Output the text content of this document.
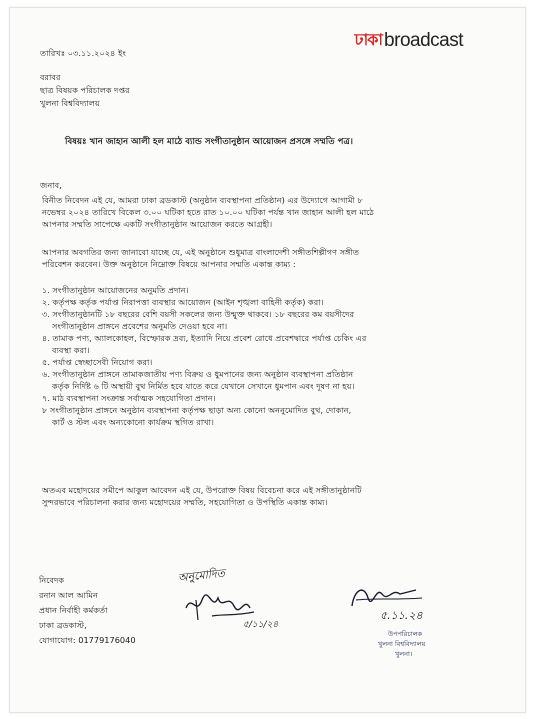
ঢাকা broadcast
তারিখঃ ০৩.১১.২০২৪ ইং
বরাবর
ছাত্র বিষয়ক পরিচালক দপ্তর
খুলনা বিশ্ববিদ্যালয়
বিষয়ঃ খান জাহান আলী হল মাঠে ব্যান্ড সংগীতানুষ্ঠান আয়োজন প্রসঙ্গে সম্মতি পত্র।
জনাব,
বিনীত নিবেদন এই যে, আমরা ঢাকা ব্রডকাস্ট (অনুষ্ঠান ব্যবস্থাপনা প্রতিষ্ঠান) এর উদ্যোগে আগামী ৮
নভেম্বর ২০২৪ তারিখে বিকেল ৩.০০ ঘটিকা হতে রাত ১০.০০ ঘটিকা পর্যন্ত খান জাহান আলী হল মাঠে
আপনার সম্মতি সাপেক্ষে একটি সংগীতানুষ্ঠান আয়োজন করতে আগ্রহী।
আপনার অবগতির জন্য জানাবো যাচ্ছে যে, এই অনুষ্ঠানে শুধুমাত্র বাংলাদেশী সঙ্গীতশিল্পীগণ সঙ্গীত
পরিবেশন করবেন। উক্ত অনুষ্ঠানে নিম্নোক্ত বিষয়ে আপনার সম্মতি একান্ত কাম্য :
১. সংগীতানুষ্ঠান আয়োজনের অনুমতি প্রদান।
২. কর্তৃপক্ষ কর্তৃক পর্যাপ্ত নিরাপত্তা ব্যবস্থার আয়োজন (আইন শৃঙ্খলা বাহিনী কর্তৃক) করা।
৩. সংগীতানুষ্ঠানটি ১৮ বছরের বেশি বয়সী সকলের জন্য উন্মুক্ত থাকবে। ১৮ বছরের কম বয়সীদের
সংগীতানুষ্ঠান প্রাঙ্গনে প্রবেশের অনুমতি দেওয়া হবে না।
৪. তামাক পণ্য, অ্যালকোহল, বিস্ফোরক দ্রব্য, ইত্যাদি নিয়ে প্রবেশ রোধে প্রবেশদ্বারে পর্যাপ্ত চেকিং এর
ব্যবস্থা করা।
৫. পর্যাপ্ত স্বেচ্ছাসেবী নিয়োগ করা।
৬. সংগীতানুষ্ঠান প্রাঙ্গনে তামাকজাতীয় পণ্য বিক্রয় ও ধুমপানের জন্য অনুষ্ঠান ব্যবস্থাপনা প্রতিষ্ঠান
কর্তৃক নির্দিষ্ট ৬ টি অস্থায়ী বুথ নির্মিত হবে যাতে করে যেখানে সেখানে ধুমপান এবং দূষণ না হয়।
৭. মাঠ ব্যবস্থাপনা সংক্রান্ত সর্বাত্মক সহযোগিতা প্রদান।
৮ সংগীতানুষ্ঠান প্রাঙ্গনে অনুষ্ঠান ব্যবস্থাপনা কর্তৃপক্ষ ছাড়া অন্য কোনো অননুমোদিত বুথ, দোকান,
কার্ট ও স্টল এবং অন্যকোনো কার্যক্রম স্থগিত রাখা।
অতএব মহোদয়ের সমীপে আকুল আবেদন এই যে, উপরোক্ত বিষয় বিবেচনা করে এই সঙ্গীতানুষ্ঠানটি
সুন্দরভাবে পরিচালনা করার জন্য মহোদয়ের সম্মতি, সহযোগিতা ও উপস্থিতি একান্ত কাম্য।
নিবেদক
রনান আল আমিন
প্রধান নির্বাহী কর্মকর্তা
ঢাকা ব্রডকাস্ট,
যোগাযোগ: 01779176040
অনুমোদিত
৫/১১/২৪
৫.১১.২৪
উপপরিচালক
খুলনা বিশ্ববিদ্যালয়
খুলনা।
